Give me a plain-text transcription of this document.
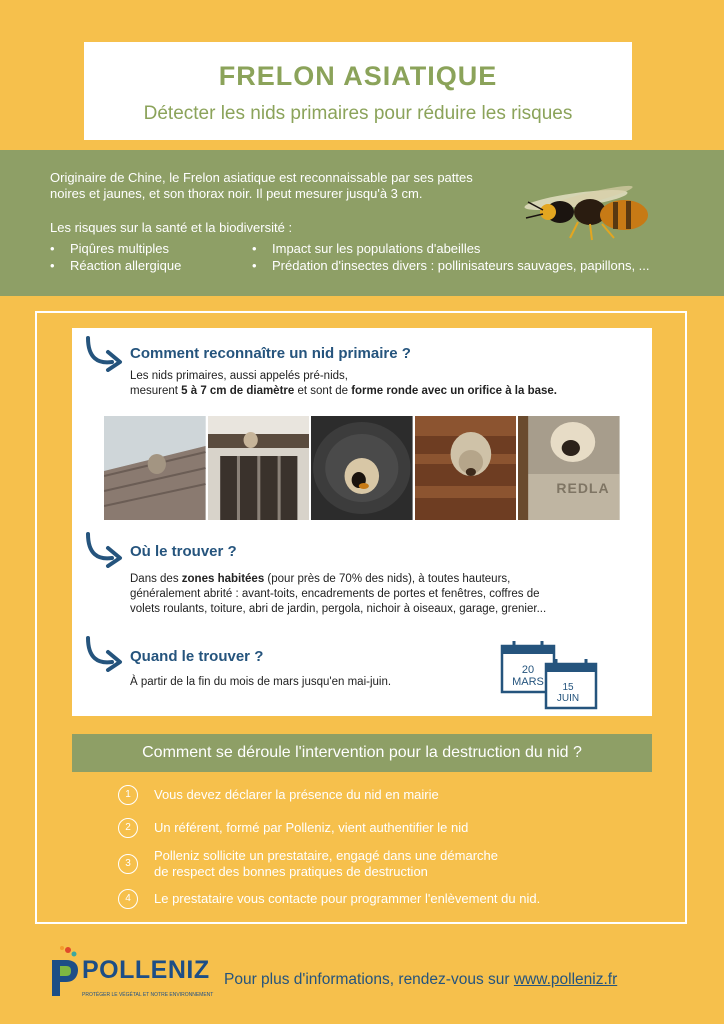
FRELON ASIATIQUE
Détecter les nids primaires pour réduire les risques
Originaire de Chine, le Frelon asiatique est reconnaissable par ses pattes
noires et jaunes, et son thorax noir. Il peut mesurer jusqu'à 3 cm.
Les risques sur la santé et la biodiversité :
• Piqûres multiples
• Réaction allergique
• Impact sur les populations d'abeilles
• Prédation d'insectes divers : pollinisateurs sauvages, papillons, ...
Comment reconnaître un nid primaire ?
Les nids primaires, aussi appelés pré-nids,
mesurent 5 à 7 cm de diamètre et sont de forme ronde avec un orifice à la base.
REDLA
Où le trouver ?
Dans des zones habitées (pour près de 70% des nids), à toutes hauteurs,
généralement abrité : avant-toits, encadrements de portes et fenêtres, coffres de
volets roulants, toiture, abri de jardin, pergola, nichoir à oiseaux, garage, grenier...
Quand le trouver ?
À partir de la fin du mois de mars jusqu'en mai-juin.
20
MARS	15
JUIN
Comment se déroule l'intervention pour la destruction du nid ?
1	Vous devez déclarer la présence du nid en mairie
2	Un référent, formé par Polleniz, vient authentifier le nid
3
Polleniz sollicite un prestataire, engagé dans une démarche
de respect des bonnes pratiques de destruction
4	Le prestataire vous contacte pour programmer l'enlèvement du nid.
POLLENIZ
PROTÉGER LE VÉGÉTAL ET NOTRE ENVIRONNEMENT
Pour plus d'informations, rendez-vous sur www.polleniz.fr
